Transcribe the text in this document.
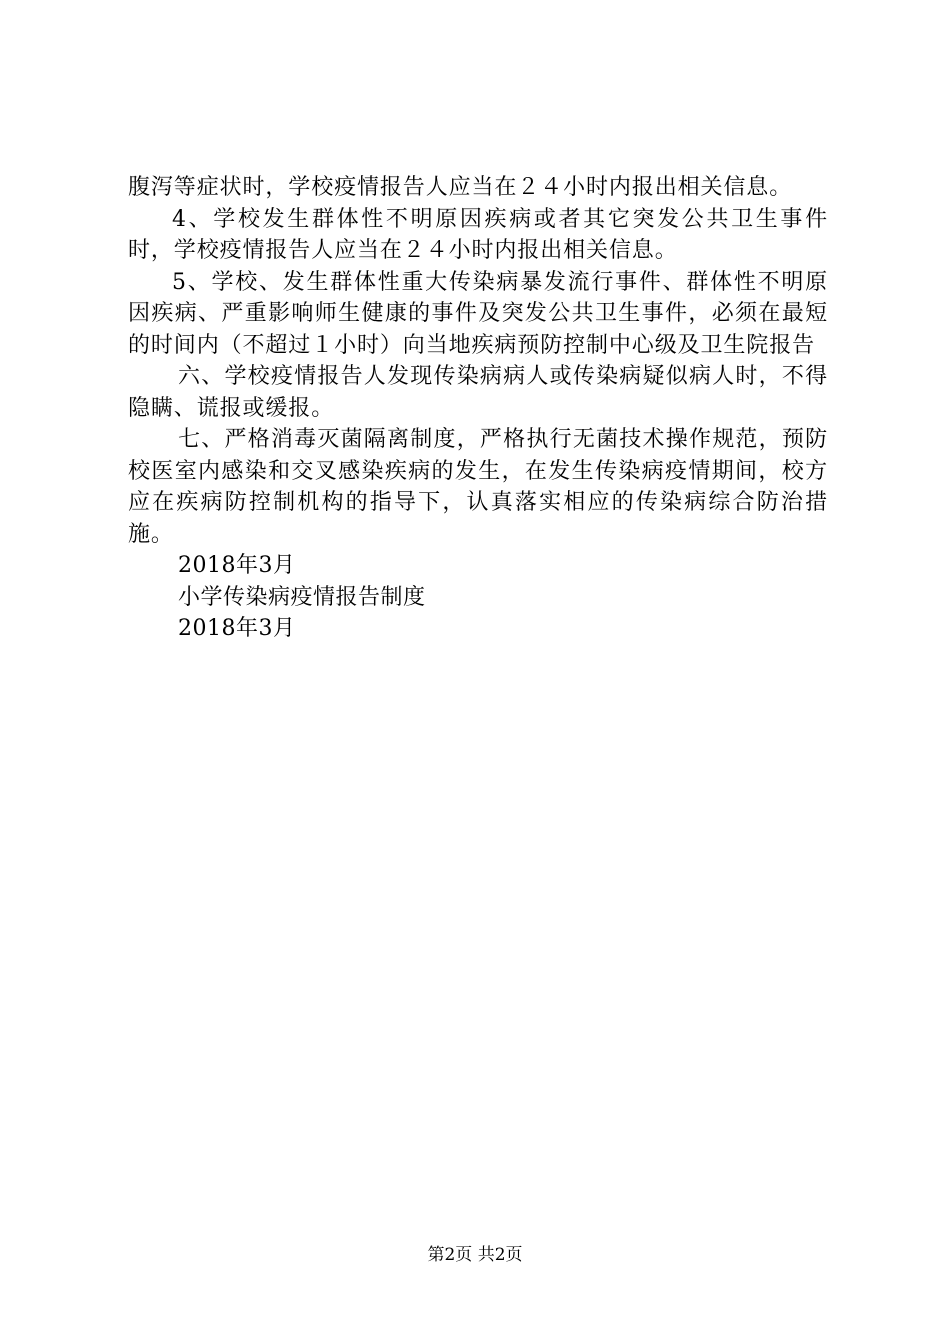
腹泻等症状时，学校疫情报告人应当在２４小时内报出相关信息。

4、学校发生群体性不明原因疾病或者其它突发公共卫生事件时，学校疫情报告人应当在２４小时内报出相关信息。

5、学校、发生群体性重大传染病暴发流行事件、群体性不明原因疾病、严重影响师生健康的事件及突发公共卫生事件，必须在最短的时间内（不超过１小时）向当地疾病预防控制中心级及卫生院报告

六、学校疫情报告人发现传染病病人或传染病疑似病人时，不得隐瞒、谎报或缓报。

七、严格消毒灭菌隔离制度，严格执行无菌技术操作规范，预防校医室内感染和交叉感染疾病的发生，在发生传染病疫情期间，校方应在疾病防控制机构的指导下，认真落实相应的传染病综合防治措施。

2018年3月

小学传染病疫情报告制度

2018年3月

第2页 共2页
